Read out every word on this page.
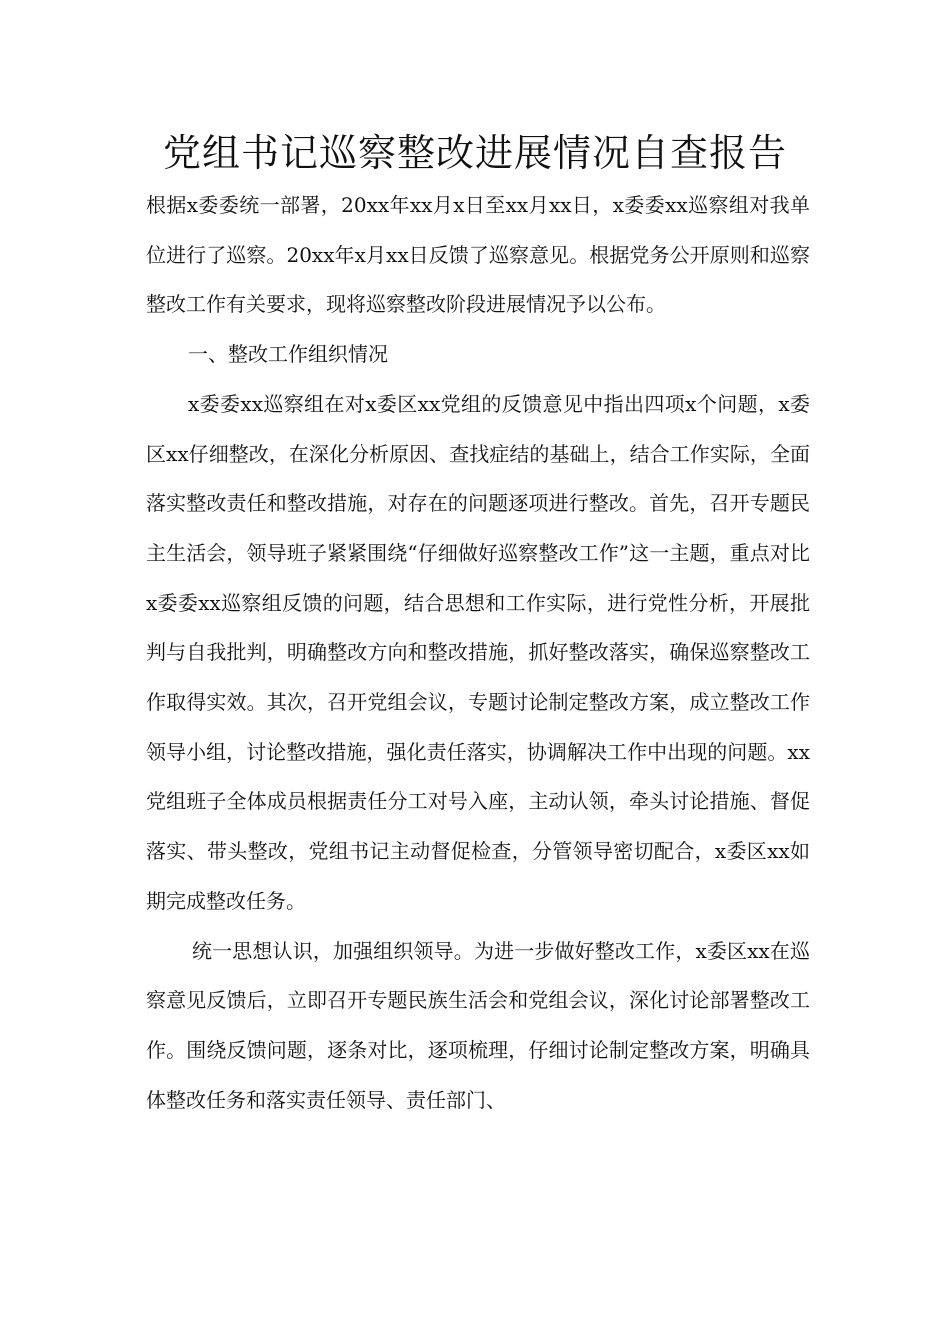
党组书记巡察整改进展情况自查报告

根据x委委统一部署，20xx年xx月x日至xx月xx日，x委委xx巡察组对我单位进行了巡察。20xx年x月xx日反馈了巡察意见。根据党务公开原则和巡察整改工作有关要求，现将巡察整改阶段进展情况予以公布。

一、整改工作组织情况

x委委xx巡察组在对x委区xx党组的反馈意见中指出四项x个问题，x委区xx仔细整改，在深化分析原因、查找症结的基础上，结合工作实际，全面落实整改责任和整改措施，对存在的问题逐项进行整改。首先，召开专题民主生活会，领导班子紧紧围绕“仔细做好巡察整改工作”这一主题，重点对比x委委xx巡察组反馈的问题，结合思想和工作实际，进行党性分析，开展批判与自我批判，明确整改方向和整改措施，抓好整改落实，确保巡察整改工作取得实效。其次，召开党组会议，专题讨论制定整改方案，成立整改工作领导小组，讨论整改措施，强化责任落实，协调解决工作中出现的问题。xx党组班子全体成员根据责任分工对号入座，主动认领，牵头讨论措施、督促落实、带头整改，党组书记主动督促检查，分管领导密切配合，x委区xx如期完成整改任务。

统一思想认识，加强组织领导。为进一步做好整改工作，x委区xx在巡察意见反馈后，立即召开专题民族生活会和党组会议，深化讨论部署整改工作。围绕反馈问题，逐条对比，逐项梳理，仔细讨论制定整改方案，明确具体整改任务和落实责任领导、责任部门、
